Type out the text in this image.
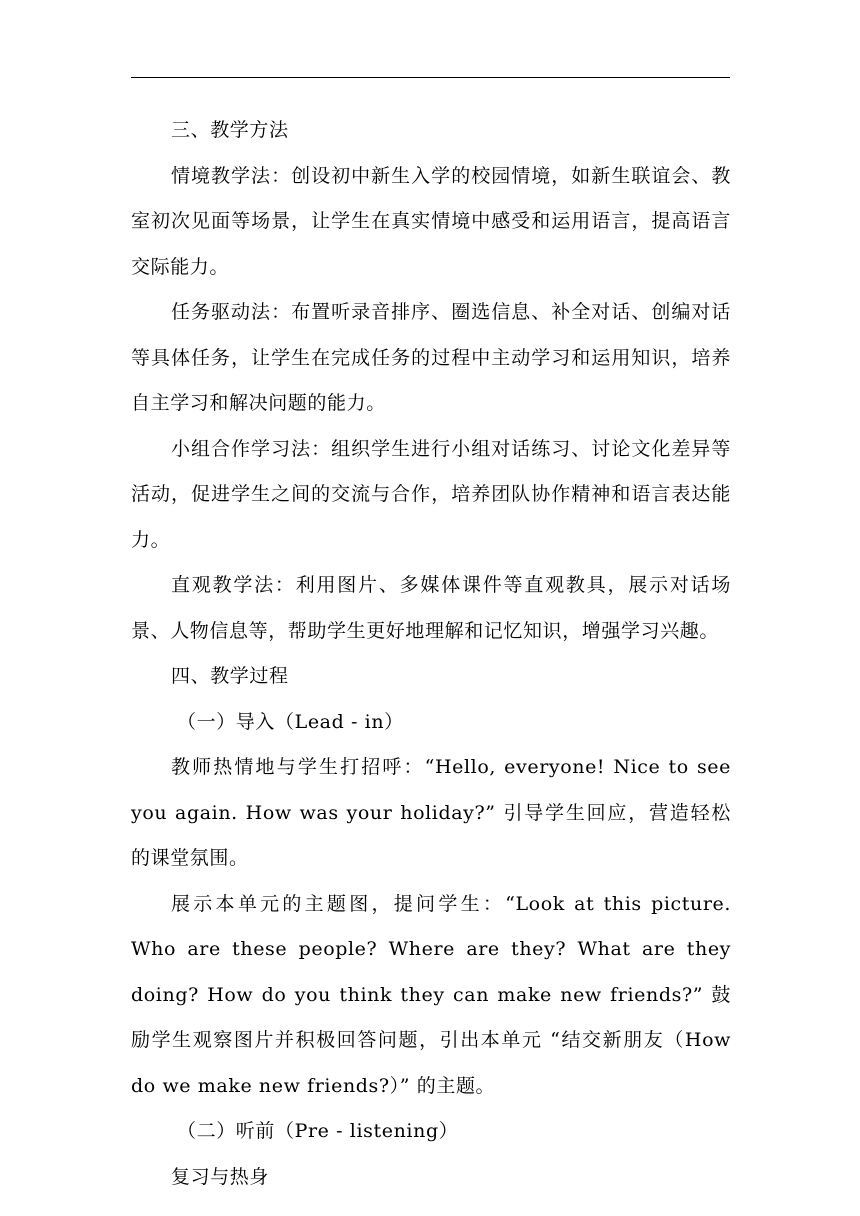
三、教学方法

情境教学法：创设初中新生入学的校园情境，如新生联谊会、教室初次见面等场景，让学生在真实情境中感受和运用语言，提高语言交际能力。

任务驱动法：布置听录音排序、圈选信息、补全对话、创编对话等具体任务，让学生在完成任务的过程中主动学习和运用知识，培养自主学习和解决问题的能力。

小组合作学习法：组织学生进行小组对话练习、讨论文化差异等活动，促进学生之间的交流与合作，培养团队协作精神和语言表达能力。

直观教学法：利用图片、多媒体课件等直观教具，展示对话场景、人物信息等，帮助学生更好地理解和记忆知识，增强学习兴趣。

四、教学过程

（一）导入（Lead - in）

教师热情地与学生打招呼：“Hello, everyone! Nice to see you again. How was your holiday?” 引导学生回应，营造轻松的课堂氛围。

展示本单元的主题图，提问学生：“Look at this picture. Who are these people? Where are they? What are they doing? How do you think they can make new friends?” 鼓励学生观察图片并积极回答问题，引出本单元 “结交新朋友（How do we make new friends?）” 的主题。

（二）听前（Pre - listening）

复习与热身
